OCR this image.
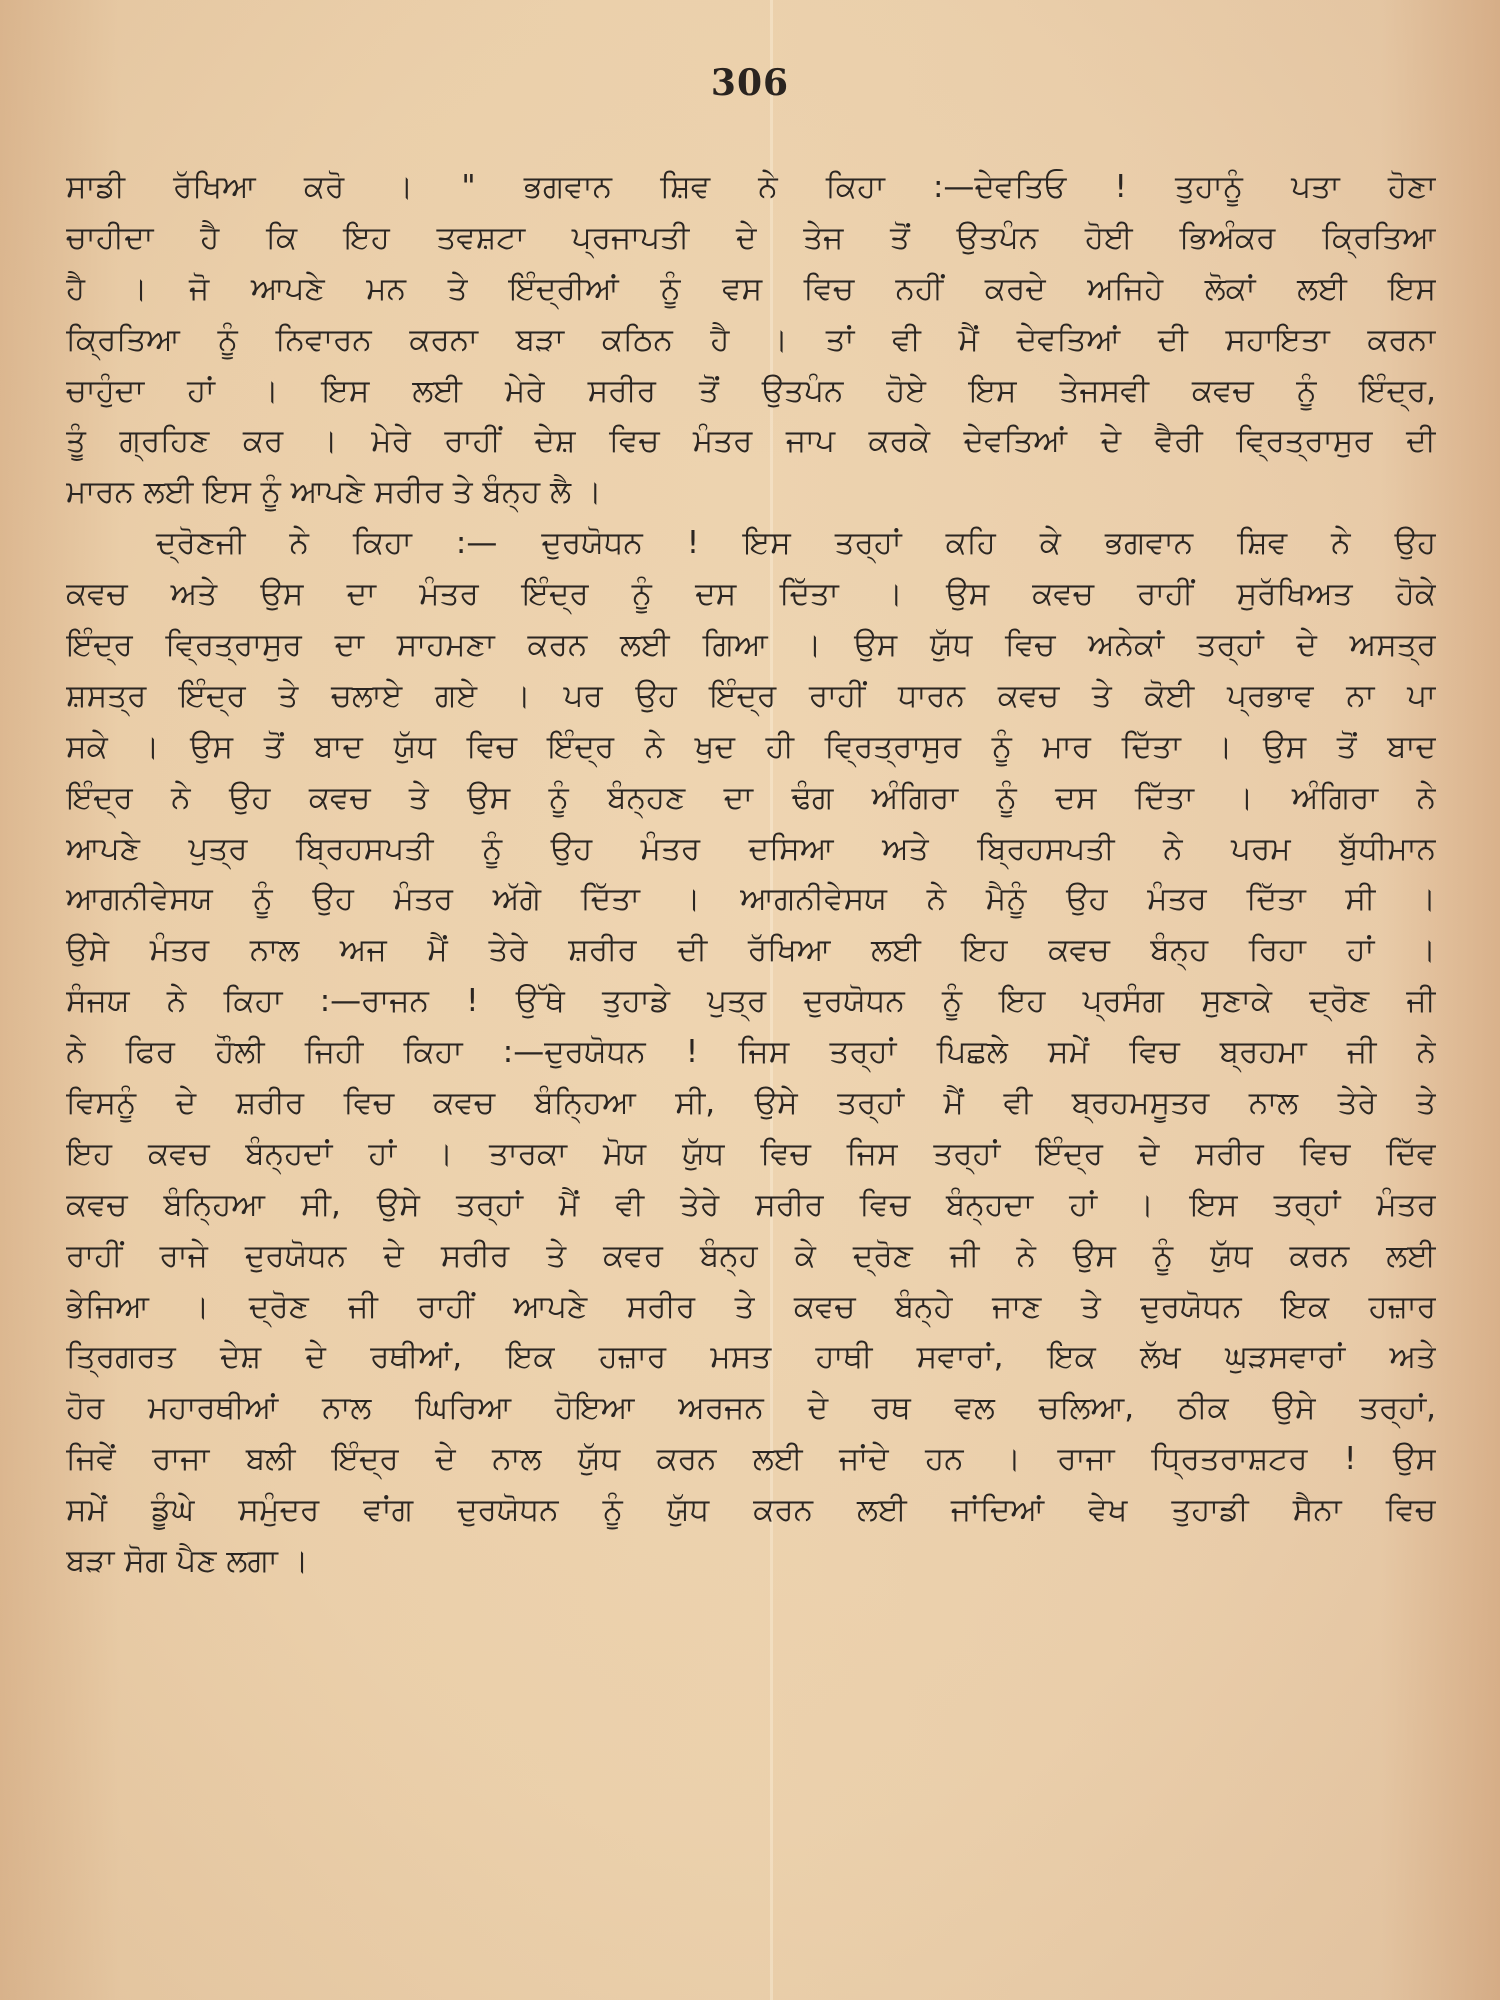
306
ਸਾਡੀ ਰੱਖਿਆ ਕਰੋ । " ਭਗਵਾਨ ਸ਼ਿਵ ਨੇ ਕਿਹਾ :—ਦੇਵਤਿਓ ! ਤੁਹਾਨੂੰ ਪਤਾ ਹੋਣਾ
ਚਾਹੀਦਾ ਹੈ ਕਿ ਇਹ ਤਵਸ਼ਟਾ ਪ੍ਰਜਾਪਤੀ ਦੇ ਤੇਜ ਤੋਂ ਉਤਪੰਨ ਹੋਈ ਭਿਅੰਕਰ ਕ੍ਰਿਤਿਆ
ਹੈ । ਜੋ ਆਪਣੇ ਮਨ ਤੇ ਇੰਦ੍ਰੀਆਂ ਨੂੰ ਵਸ ਵਿਚ ਨਹੀਂ ਕਰਦੇ ਅਜਿਹੇ ਲੋਕਾਂ ਲਈ ਇਸ
ਕ੍ਰਿਤਿਆ ਨੂੰ ਨਿਵਾਰਨ ਕਰਨਾ ਬੜਾ ਕਠਿਨ ਹੈ । ਤਾਂ ਵੀ ਮੈਂ ਦੇਵਤਿਆਂ ਦੀ ਸਹਾਇਤਾ ਕਰਨਾ
ਚਾਹੁੰਦਾ ਹਾਂ । ਇਸ ਲਈ ਮੇਰੇ ਸਰੀਰ ਤੋਂ ਉਤਪੰਨ ਹੋਏ ਇਸ ਤੇਜਸਵੀ ਕਵਚ ਨੂੰ ਇੰਦ੍ਰ,
ਤੂੰ ਗ੍ਰਹਿਣ ਕਰ । ਮੇਰੇ ਰਾਹੀਂ ਦੇਸ਼ ਵਿਚ ਮੰਤਰ ਜਾਪ ਕਰਕੇ ਦੇਵਤਿਆਂ ਦੇ ਵੈਰੀ ਵ੍ਰਿਤ੍ਰਾਸੁਰ ਦੀ
ਮਾਰਨ ਲਈ ਇਸ ਨੂੰ ਆਪਣੇ ਸਰੀਰ ਤੇ ਬੰਨ੍ਹ ਲੈ ।
ਦ੍ਰੋਣਜੀ ਨੇ ਕਿਹਾ :— ਦੁਰਯੋਧਨ ! ਇਸ ਤਰ੍ਹਾਂ ਕਹਿ ਕੇ ਭਗਵਾਨ ਸ਼ਿਵ ਨੇ ਉਹ
ਕਵਚ ਅਤੇ ਉਸ ਦਾ ਮੰਤਰ ਇੰਦ੍ਰ ਨੂੰ ਦਸ ਦਿੱਤਾ । ਉਸ ਕਵਚ ਰਾਹੀਂ ਸੁਰੱਖਿਅਤ ਹੋਕੇ
ਇੰਦ੍ਰ ਵ੍ਰਿਤ੍ਰਾਸੁਰ ਦਾ ਸਾਹਮਣਾ ਕਰਨ ਲਈ ਗਿਆ । ਉਸ ਯੁੱਧ ਵਿਚ ਅਨੇਕਾਂ ਤਰ੍ਹਾਂ ਦੇ ਅਸਤ੍ਰ
ਸ਼ਸਤ੍ਰ ਇੰਦ੍ਰ ਤੇ ਚਲਾਏ ਗਏ । ਪਰ ਉਹ ਇੰਦ੍ਰ ਰਾਹੀਂ ਧਾਰਨ ਕਵਚ ਤੇ ਕੋਈ ਪ੍ਰਭਾਵ ਨਾ ਪਾ
ਸਕੇ । ਉਸ ਤੋਂ ਬਾਦ ਯੁੱਧ ਵਿਚ ਇੰਦ੍ਰ ਨੇ ਖੁਦ ਹੀ ਵ੍ਰਿਤ੍ਰਾਸੁਰ ਨੂੰ ਮਾਰ ਦਿੱਤਾ । ਉਸ ਤੋਂ ਬਾਦ
ਇੰਦ੍ਰ ਨੇ ਉਹ ਕਵਚ ਤੇ ਉਸ ਨੂੰ ਬੰਨ੍ਹਣ ਦਾ ਢੰਗ ਅੰਗਿਰਾ ਨੂੰ ਦਸ ਦਿੱਤਾ । ਅੰਗਿਰਾ ਨੇ
ਆਪਣੇ ਪੁਤ੍ਰ ਬ੍ਰਿਹਸਪਤੀ ਨੂੰ ਉਹ ਮੰਤਰ ਦਸਿਆ ਅਤੇ ਬ੍ਰਿਹਸਪਤੀ ਨੇ ਪਰਮ ਬੁੱਧੀਮਾਨ
ਆਗਨੀਵੇਸਯ ਨੂੰ ਉਹ ਮੰਤਰ ਅੱਗੇ ਦਿੱਤਾ । ਆਗਨੀਵੇਸਯ ਨੇ ਮੈਨੂੰ ਉਹ ਮੰਤਰ ਦਿੱਤਾ ਸੀ ।
ਉਸੇ ਮੰਤਰ ਨਾਲ ਅਜ ਮੈਂ ਤੇਰੇ ਸ਼ਰੀਰ ਦੀ ਰੱਖਿਆ ਲਈ ਇਹ ਕਵਚ ਬੰਨ੍ਹ ਰਿਹਾ ਹਾਂ ।
ਸੰਜਯ ਨੇ ਕਿਹਾ :—ਰਾਜਨ ! ਉੱਥੇ ਤੁਹਾਡੇ ਪੁਤ੍ਰ ਦੁਰਯੋਧਨ ਨੂੰ ਇਹ ਪ੍ਰਸੰਗ ਸੁਣਾਕੇ ਦ੍ਰੋਣ ਜੀ
ਨੇ ਫਿਰ ਹੌਲੀ ਜਿਹੀ ਕਿਹਾ :—ਦੁਰਯੋਧਨ ! ਜਿਸ ਤਰ੍ਹਾਂ ਪਿਛਲੇ ਸਮੇਂ ਵਿਚ ਬ੍ਰਹਮਾ ਜੀ ਨੇ
ਵਿਸਨੂੰ ਦੇ ਸ਼ਰੀਰ ਵਿਚ ਕਵਚ ਬੰਨ੍ਹਿਆ ਸੀ, ਉਸੇ ਤਰ੍ਹਾਂ ਮੈਂ ਵੀ ਬ੍ਰਹਮਸੂਤਰ ਨਾਲ ਤੇਰੇ ਤੇ
ਇਹ ਕਵਚ ਬੰਨ੍ਹਦਾਂ ਹਾਂ । ਤਾਰਕਾ ਮੋਯ ਯੁੱਧ ਵਿਚ ਜਿਸ ਤਰ੍ਹਾਂ ਇੰਦ੍ਰ ਦੇ ਸਰੀਰ ਵਿਚ ਦਿੱਵ
ਕਵਚ ਬੰਨ੍ਹਿਆ ਸੀ, ਉਸੇ ਤਰ੍ਹਾਂ ਮੈਂ ਵੀ ਤੇਰੇ ਸਰੀਰ ਵਿਚ ਬੰਨ੍ਹਦਾ ਹਾਂ । ਇਸ ਤਰ੍ਹਾਂ ਮੰਤਰ
ਰਾਹੀਂ ਰਾਜੇ ਦੁਰਯੋਧਨ ਦੇ ਸਰੀਰ ਤੇ ਕਵਰ ਬੰਨ੍ਹ ਕੇ ਦ੍ਰੋਣ ਜੀ ਨੇ ਉਸ ਨੂੰ ਯੁੱਧ ਕਰਨ ਲਈ
ਭੇਜਿਆ । ਦ੍ਰੋਣ ਜੀ ਰਾਹੀਂ ਆਪਣੇ ਸਰੀਰ ਤੇ ਕਵਚ ਬੰਨ੍ਹੇ ਜਾਣ ਤੇ ਦੁਰਯੋਧਨ ਇਕ ਹਜ਼ਾਰ
ਤ੍ਰਿਗਰਤ ਦੇਸ਼ ਦੇ ਰਥੀਆਂ, ਇਕ ਹਜ਼ਾਰ ਮਸਤ ਹਾਥੀ ਸਵਾਰਾਂ, ਇਕ ਲੱਖ ਘੁੜਸਵਾਰਾਂ ਅਤੇ
ਹੋਰ ਮਹਾਰਥੀਆਂ ਨਾਲ ਘਿਰਿਆ ਹੋਇਆ ਅਰਜਨ ਦੇ ਰਥ ਵਲ ਚਲਿਆ, ਠੀਕ ਉਸੇ ਤਰ੍ਹਾਂ,
ਜਿਵੇਂ ਰਾਜਾ ਬਲੀ ਇੰਦ੍ਰ ਦੇ ਨਾਲ ਯੁੱਧ ਕਰਨ ਲਈ ਜਾਂਦੇ ਹਨ । ਰਾਜਾ ਧ੍ਰਿਤਰਾਸ਼ਟਰ ! ਉਸ
ਸਮੇਂ ਡੂੰਘੇ ਸਮੁੰਦਰ ਵਾਂਗ ਦੁਰਯੋਧਨ ਨੂੰ ਯੁੱਧ ਕਰਨ ਲਈ ਜਾਂਦਿਆਂ ਵੇਖ ਤੁਹਾਡੀ ਸੈਨਾ ਵਿਚ
ਬੜਾ ਸੋਗ ਪੈਣ ਲਗਾ ।
